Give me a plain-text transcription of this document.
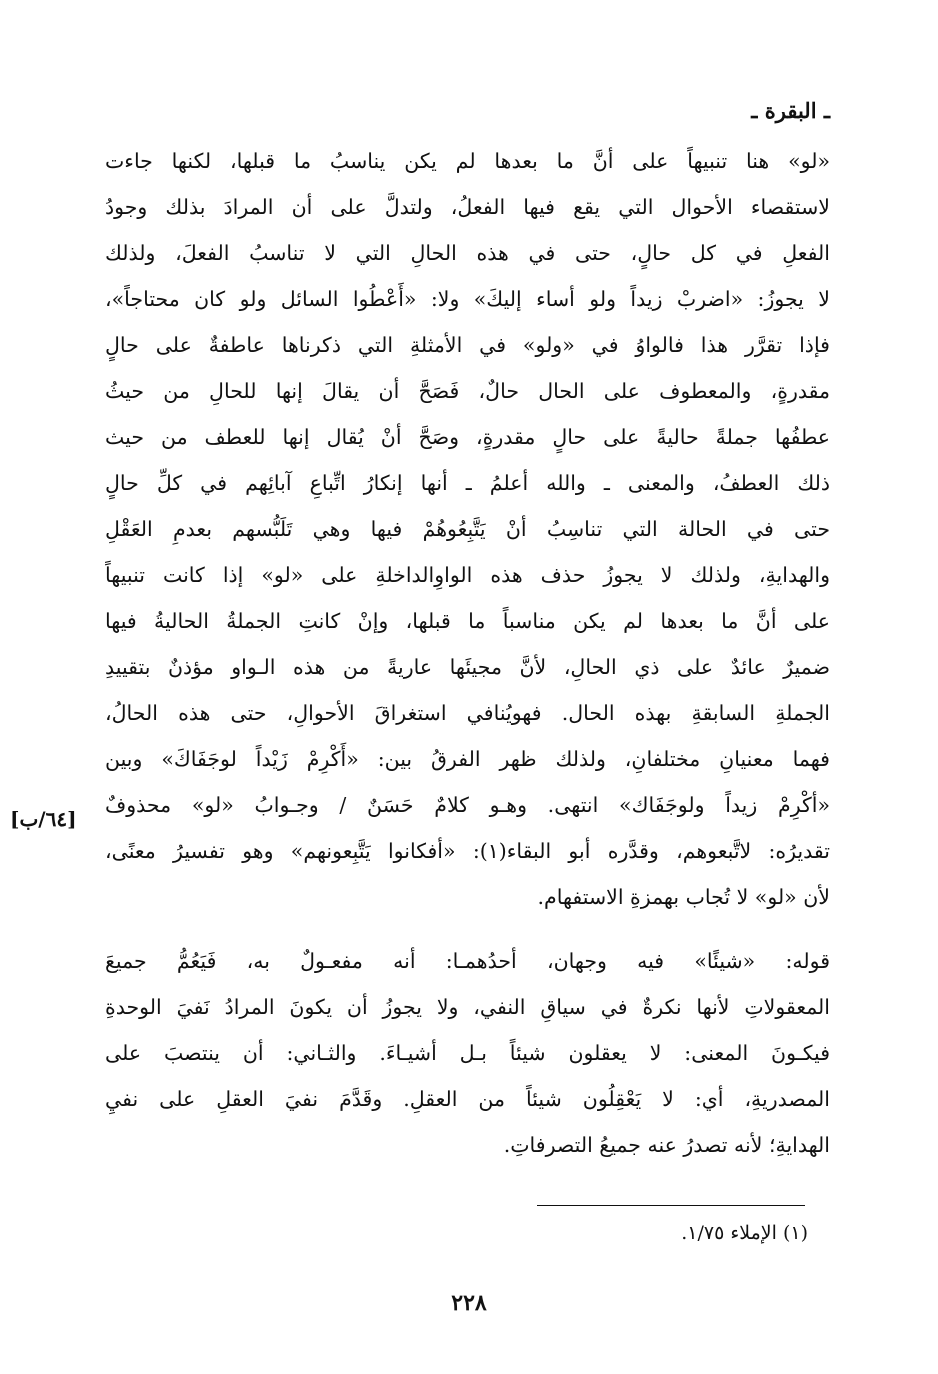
ـ البقرة ـ
[٦٤/ب]

«لو» هنا تنبيهاً على أنَّ ما بعدها لم يكن يناسبُ ما قبلها، لكنها جاءت
لاستقصاء الأحوال التي يقع فيها الفعلُ، ولتدلَّ على أن المرادَ بذلك وجودُ
الفعلِ في كل حالٍ، حتى في هذه الحالِ التي لا تناسبُ الفعلَ، ولذلك
لا يجوزُ: «اضربْ زيداً ولو أساء إليكَ» ولا: «أَعْطُوا السائل ولو كان محتاجاً»،
فإذا تقرَّر هذا فالواوُ في «ولو» في الأمثلةِ التي ذكرناها عاطفةٌ على حالٍ
مقدرةٍ، والمعطوف على الحال حالٌ، فَصَحَّ أن يقالَ إنها للحالِ من حيثُ
عطفُها جملةً حاليةً على حالٍ مقدرةٍ، وصَحَّ أنْ يُقال إنها للعطف من حيث
ذلك العطفُ، والمعنى ـ والله أعلمُ ـ أنها إنكارُ اتِّباعِ آبائِهم في كلِّ حالٍ
حتى في الحالة التي تناسِبُ أنْ يَتَّبِعُوهُمْ فيها وهي تَلَبُّسهم بعدمِ العَقْلِ
والهدايةِ، ولذلك لا يجوزُ حذف هذه الواوِالداخلةِ على «لو» إذا كانت تنبيهاً
على أنَّ ما بعدها لم يكن مناسباً ما قبلها، وإنْ كانتِ الجملةُ الحاليةُ فيها
ضميرٌ عائدٌ على ذي الحالِ، لأنَّ مجيئَها عاريةً من هذه الـواو مؤذنٌ بتقييدِ
الجملةِ السابقةِ بهذه الحال. فهويُنافي استغراقَ الأحوالِ، حتى هذه الحالُ،
فهما معنيانِ مختلفانِ، ولذلك ظهر الفرقُ بين: «أَكْرِمْ زَيْداً لوجَفَاكَ» وبين
«أكْرِمْ زيداً ولوجَفَاك» انتهى. وهـو كلامٌ حَسَنٌ / وجـوابُ «لو» محذوفٌ
تقديرُه: لاتَّبعوهم، وقدَّره أبو البقاء(١): «أفكانوا يَتَّبِعونهم» وهو تفسيرُ معنًى،
لأن «لو» لا تُجاب بهمزةِ الاستفهام.

قوله: «شيئًا» فيه وجهان، أحدُهمـا: أنه مفعـولٌ به، فَيَعُمُّ جميعَ
المعقولاتِ لأنها نكرةٌ في سياقِ النفي، ولا يجوزُ أن يكونَ المرادُ نَفيَ الوحدةِ
فيكـونَ المعنى: لا يعقلون شيئاً بـل أشيـاءَ. والثـاني: أن ينتصبَ على
المصدريةِ، أي: لا يَعْقِلُون شيئاً من العقلِ. وقَدَّمَ نفيَ العقلِ على نفيِ
الهدايةِ؛ لأنه تصدرُ عنه جميعُ التصرفاتِ.

(١) الإملاء ١/٧٥.
٢٢٨
